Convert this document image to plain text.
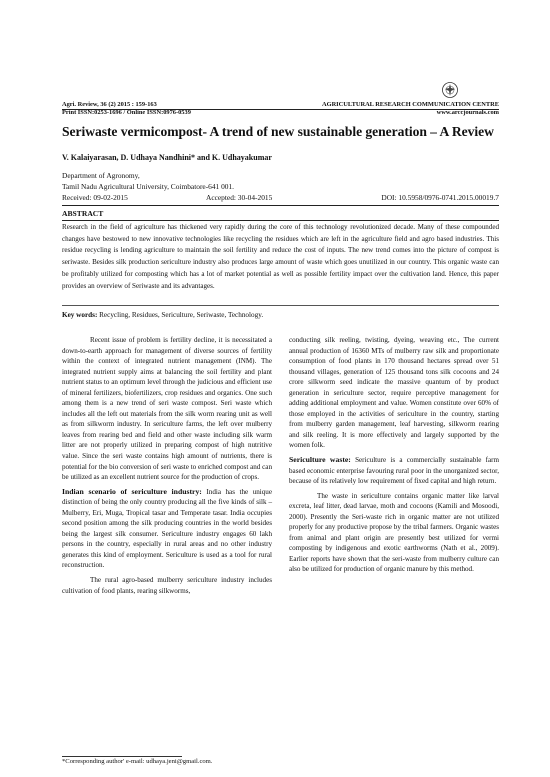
Agri. Review, 36 (2) 2015 : 159-163
Print ISSN:0253-1696 / Online ISSN:0976-0539
AGRICULTURAL RESEARCH COMMUNICATION CENTRE
www.arccjournals.com
Seriwaste vermicompost- A trend of new sustainable generation – A Review
V. Kalaiyarasan, D. Udhaya Nandhini* and K. Udhayakumar
Department of Agronomy,
Tamil Nadu Agricultural University, Coimbatore-641 001.
Received: 09-02-2015	Accepted: 30-04-2015	DOI: 10.5958/0976-0741.2015.00019.7
ABSTRACT
Research in the field of agriculture has thickened very rapidly during the core of this technology revolutionized decade. Many of these compounded changes have bestowed to new innovative technologies like recycling the residues which are left in the agriculture field and agro based industries. This residue recycling is lending agriculture to maintain the soil fertility and reduce the cost of inputs. The new trend comes into the picture of compost is seriwaste. Besides silk production sericulture industry also produces large amount of waste which goes unutilized in our country. This organic waste can be profitably utilized for composting which has a lot of market potential as well as possible fertility impact over the cultivation land. Hence, this paper provides an overview of Seriwaste and its advantages.
Key words: Recycling, Residues, Sericulture, Seriwaste, Technology.

Recent issue of problem is fertility decline, it is necessitated a down-to-earth approach for management of diverse sources of fertility within the context of integrated nutrient management (INM). The integrated nutrient supply aims at balancing the soil fertility and plant nutrient status to an optimum level through the judicious and efficient use of mineral fertilizers, biofertilizers, crop residues and organics. One such among them is a new trend of seri waste compost. Seri waste which includes all the left out materials from the silk worm rearing unit as well as from silkworm industry. In sericulture farms, the left over mulberry leaves from rearing bed and field and other waste including silk warm litter are not properly utilized in preparing compost of high nutritive value. Since the seri waste contains high amount of nutrients, there is potential for the bio conversion of seri waste to enriched compost and can be utilized as an excellent nutrient source for the production of crops.

Indian scenario of sericulture industry: India has the unique distinction of being the only country producing all the five kinds of silk – Mulberry, Eri, Muga, Tropical tasar and Temperate tasar. India occupies second position among the silk producing countries in the world besides being the largest silk consumer. Sericulture industry engages 60 lakh persons in the country, especially in rural areas and no other industry generates this kind of employment. Sericulture is used as a tool for rural reconstruction.

The rural agro-based mulberry sericulture industry includes cultivation of food plants, rearing silkworms,

conducting silk reeling, twisting, dyeing, weaving etc., The current annual production of 16360 MTs of mulberry raw silk and proportionate consumption of food plants in 170 thousand hectares spread over 51 thousand villages, generation of 125 thousand tons silk cocoons and 24 crore silkworm seed indicate the massive quantum of by product generation in sericulture sector, require perceptive management for adding additional employment and value. Women constitute over 60% of those employed in the activities of sericulture in the country, starting from mulberry garden management, leaf harvesting, silkworm rearing and silk reeling. It is more effectively and largely supported by the women folk.

Sericulture waste: Sericulture is a commercially sustainable farm based economic enterprise favouring rural poor in the unorganized sector, because of its relatively low requirement of fixed capital and high return.

The waste in sericulture contains organic matter like larval excreta, leaf litter, dead larvae, moth and cocoons (Kamili and Mosoodi, 2000). Presently the Seri-waste rich in organic matter are not utilized properly for any productive propose by the tribal farmers. Organic wastes from animal and plant origin are presently best utilized for vermi composting by indigenous and exotic earthworms (Nath et al., 2009). Earlier reports have shown that the seri-waste from mulberry culture can also be utilized for production of organic manure by this method.

*Corresponding author' e-mail: udhaya.jeni@gmail.com.
